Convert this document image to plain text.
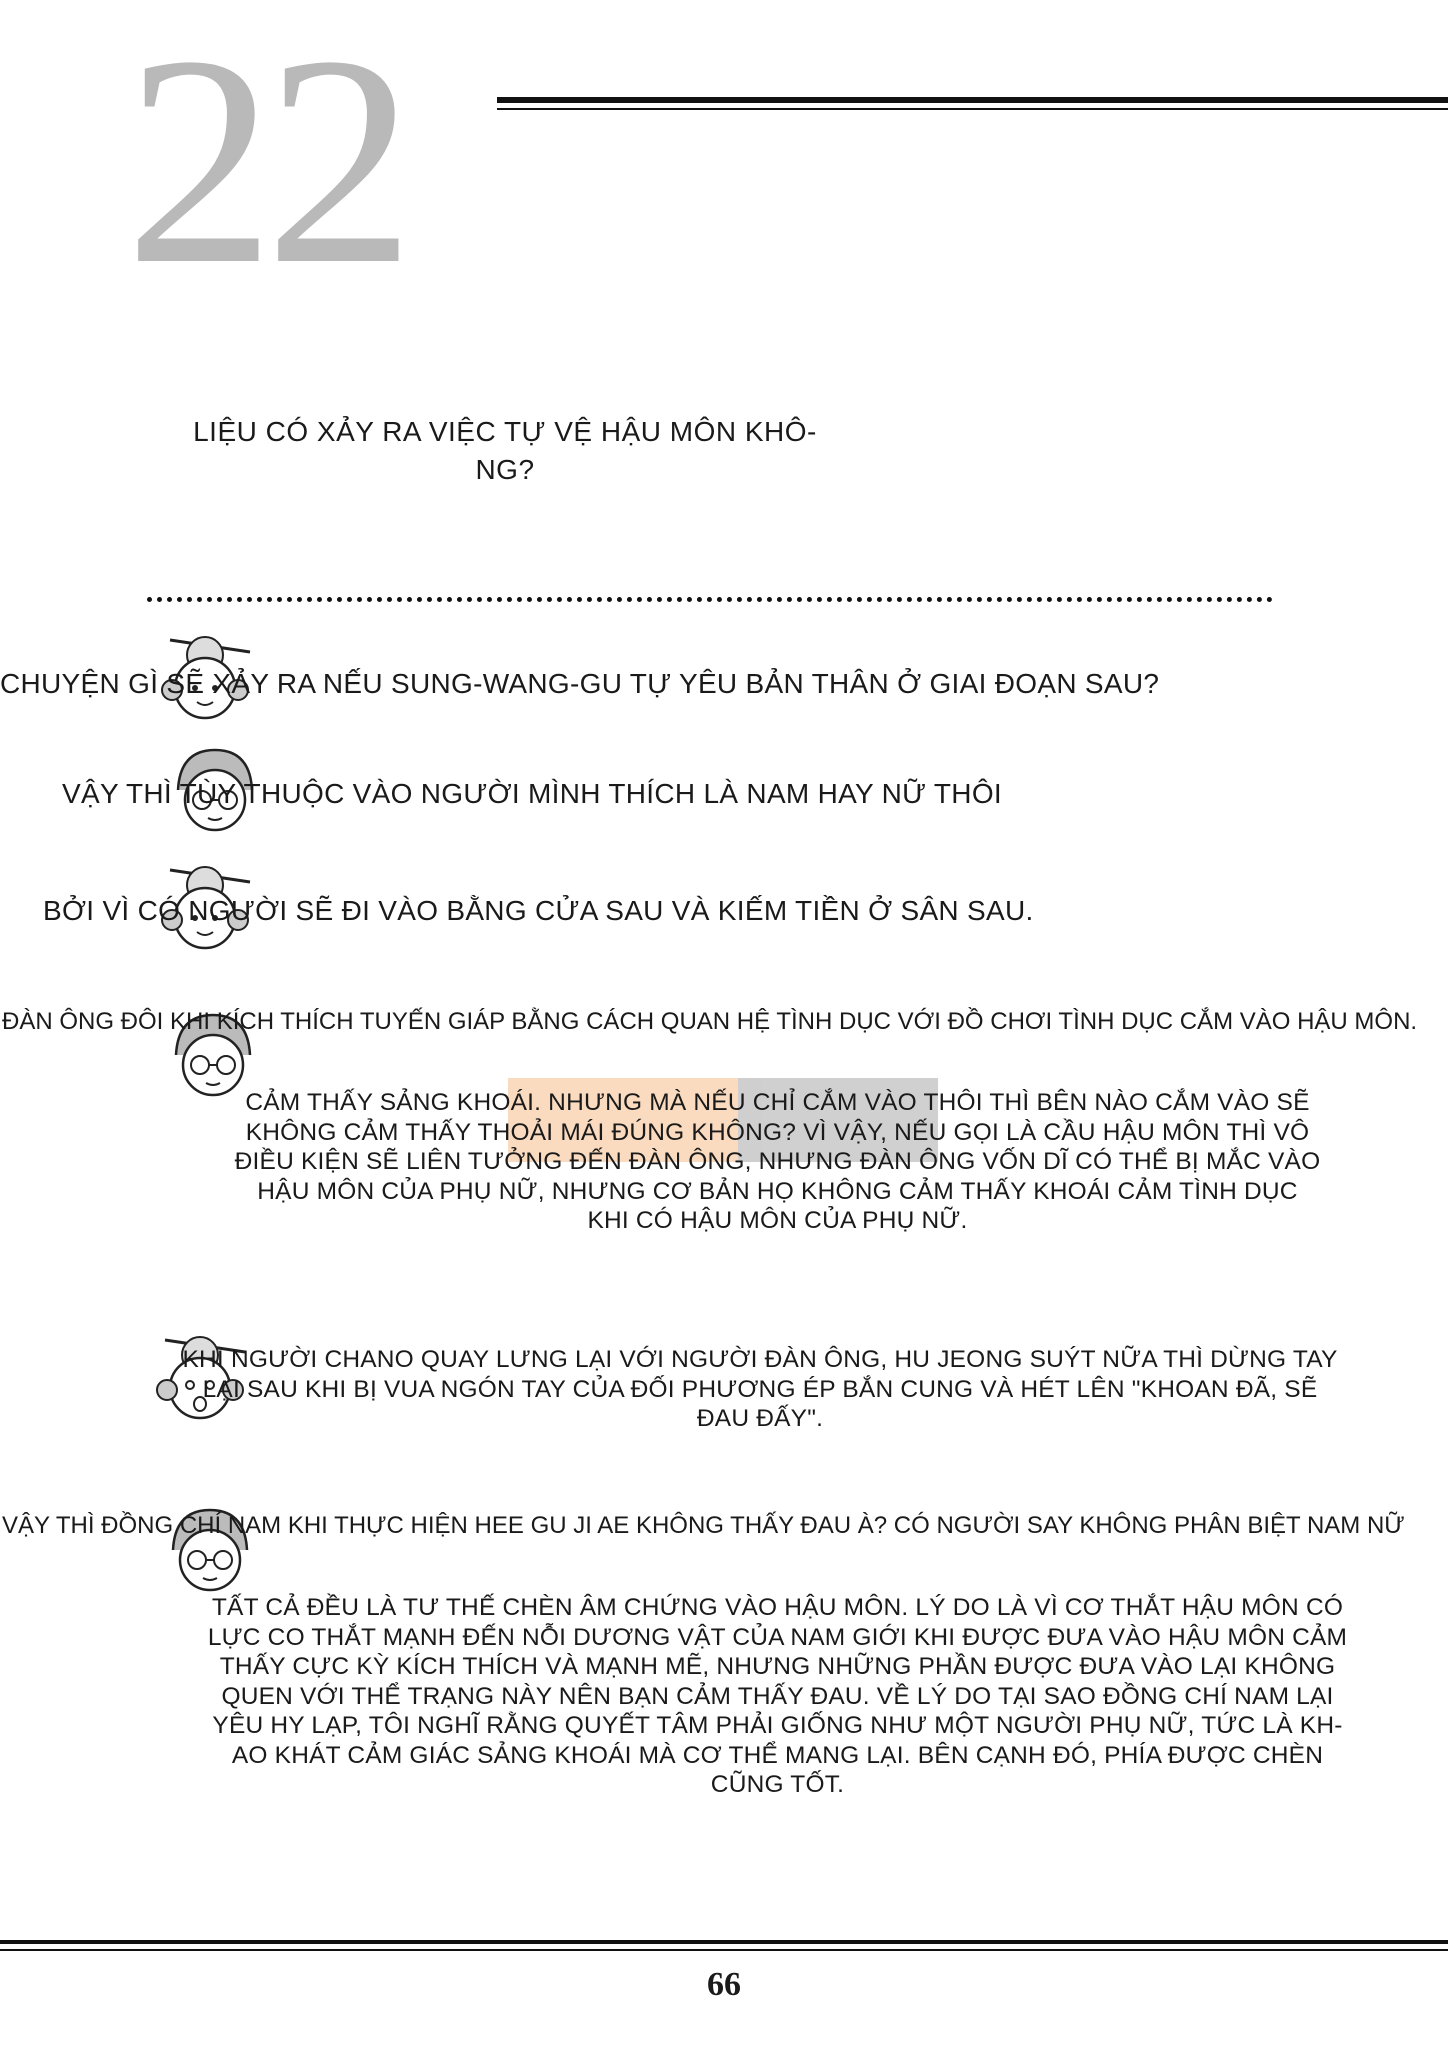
22
LIỆU CÓ XẢY RA VIỆC TỰ VỆ HẬU MÔN KHÔ-
NG?
CHUYỆN GÌ SẼ XẢY RA NẾU SUNG-WANG-GU TỰ YÊU BẢN THÂN Ở GIAI ĐOẠN SAU?
VẬY THÌ TÙY THUỘC VÀO NGƯỜI MÌNH THÍCH LÀ NAM HAY NỮ THÔI
BỞI VÌ CÓ NGƯỜI SẼ ĐI VÀO BẰNG CỬA SAU VÀ KIẾM TIỀN Ở SÂN SAU.
ĐÀN ÔNG ĐÔI KHI KÍCH THÍCH TUYẾN GIÁP BẰNG CÁCH QUAN HỆ TÌNH DỤC VỚI ĐỒ CHƠI TÌNH DỤC CẮM VÀO HẬU MÔN.
CẢM THẤY SẢNG KHOÁI. NHƯNG MÀ NẾU CHỈ CẮM VÀO THÔI THÌ BÊN NÀO CẮM VÀO SẼ
KHÔNG CẢM THẤY THOẢI MÁI ĐÚNG KHÔNG? VÌ VẬY, NẾU GỌI LÀ CẦU HẬU MÔN THÌ VÔ
ĐIỀU KIỆN SẼ LIÊN TƯỞNG ĐẾN ĐÀN ÔNG, NHƯNG ĐÀN ÔNG VỐN DĨ CÓ THỂ BỊ MẮC VÀO
HẬU MÔN CỦA PHỤ NỮ, NHƯNG CƠ BẢN HỌ KHÔNG CẢM THẤY KHOÁI CẢM TÌNH DỤC
KHI CÓ HẬU MÔN CỦA PHỤ NỮ.
KHI NGƯỜI CHANO QUAY LƯNG LẠI VỚI NGƯỜI ĐÀN ÔNG, HU JEONG SUÝT NỮA THÌ DỪNG TAY
LẠI SAU KHI BỊ VUA NGÓN TAY CỦA ĐỐI PHƯƠNG ÉP BẮN CUNG VÀ HÉT LÊN "KHOAN ĐÃ, SẼ
ĐAU ĐẤY".
VẬY THÌ ĐỒNG CHÍ NAM KHI THỰC HIỆN HEE GU JI AE KHÔNG THẤY ĐAU À? CÓ NGƯỜI SAY KHÔNG PHÂN BIỆT NAM NỮ
TẤT CẢ ĐỀU LÀ TƯ THẾ CHÈN ÂM CHỨNG VÀO HẬU MÔN. LÝ DO LÀ VÌ CƠ THẮT HẬU MÔN CÓ
LỰC CO THẮT MẠNH ĐẾN NỖI DƯƠNG VẬT CỦA NAM GIỚI KHI ĐƯỢC ĐƯA VÀO HẬU MÔN CẢM
THẤY CỰC KỲ KÍCH THÍCH VÀ MẠNH MẼ, NHƯNG NHỮNG PHẦN ĐƯỢC ĐƯA VÀO LẠI KHÔNG
QUEN VỚI THỂ TRẠNG NÀY NÊN BẠN CẢM THẤY ĐAU. VỀ LÝ DO TẠI SAO ĐỒNG CHÍ NAM LẠI
YÊU HY LẠP, TÔI NGHĨ RẰNG QUYẾT TÂM PHẢI GIỐNG NHƯ MỘT NGƯỜI PHỤ NỮ, TỨC LÀ KH-
AO KHÁT CẢM GIÁC SẢNG KHOÁI MÀ CƠ THỂ MANG LẠI. BÊN CẠNH ĐÓ, PHÍA ĐƯỢC CHÈN
CŨNG TỐT.
66
